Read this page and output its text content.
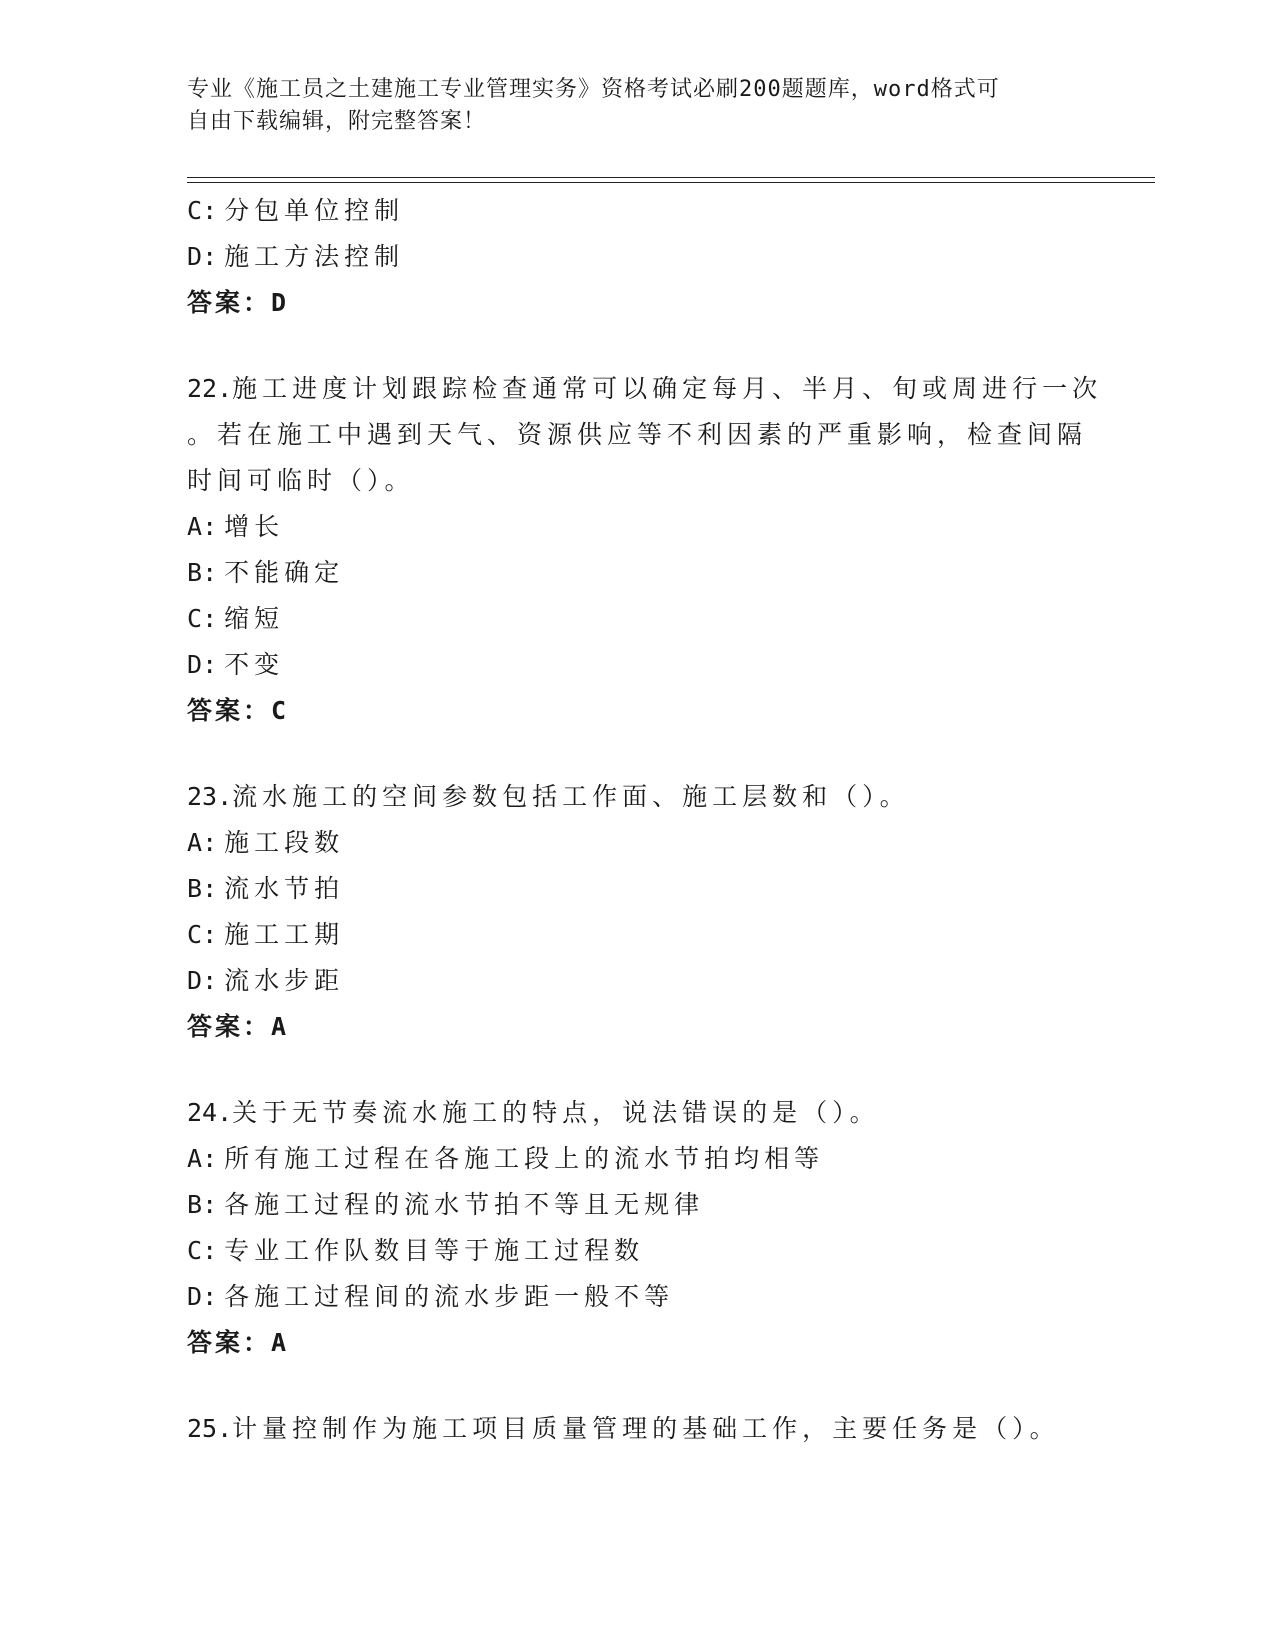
专业《施工员之土建施工专业管理实务》资格考试必刷200题题库，word格式可
自由下载编辑，附完整答案！
C: 分包单位控制
D: 施工方法控制
答案：D
22.施工进度计划跟踪检查通常可以确定每月、半月、旬或周进行一次
。若在施工中遇到天气、资源供应等不利因素的严重影响，检查间隔
时间可临时（）。
A: 增长
B: 不能确定
C: 缩短
D: 不变
答案：C
23.流水施工的空间参数包括工作面、施工层数和（）。
A: 施工段数
B: 流水节拍
C: 施工工期
D: 流水步距
答案：A
24.关于无节奏流水施工的特点，说法错误的是（）。
A: 所有施工过程在各施工段上的流水节拍均相等
B: 各施工过程的流水节拍不等且无规律
C: 专业工作队数目等于施工过程数
D: 各施工过程间的流水步距一般不等
答案：A
25.计量控制作为施工项目质量管理的基础工作，主要任务是（）。
